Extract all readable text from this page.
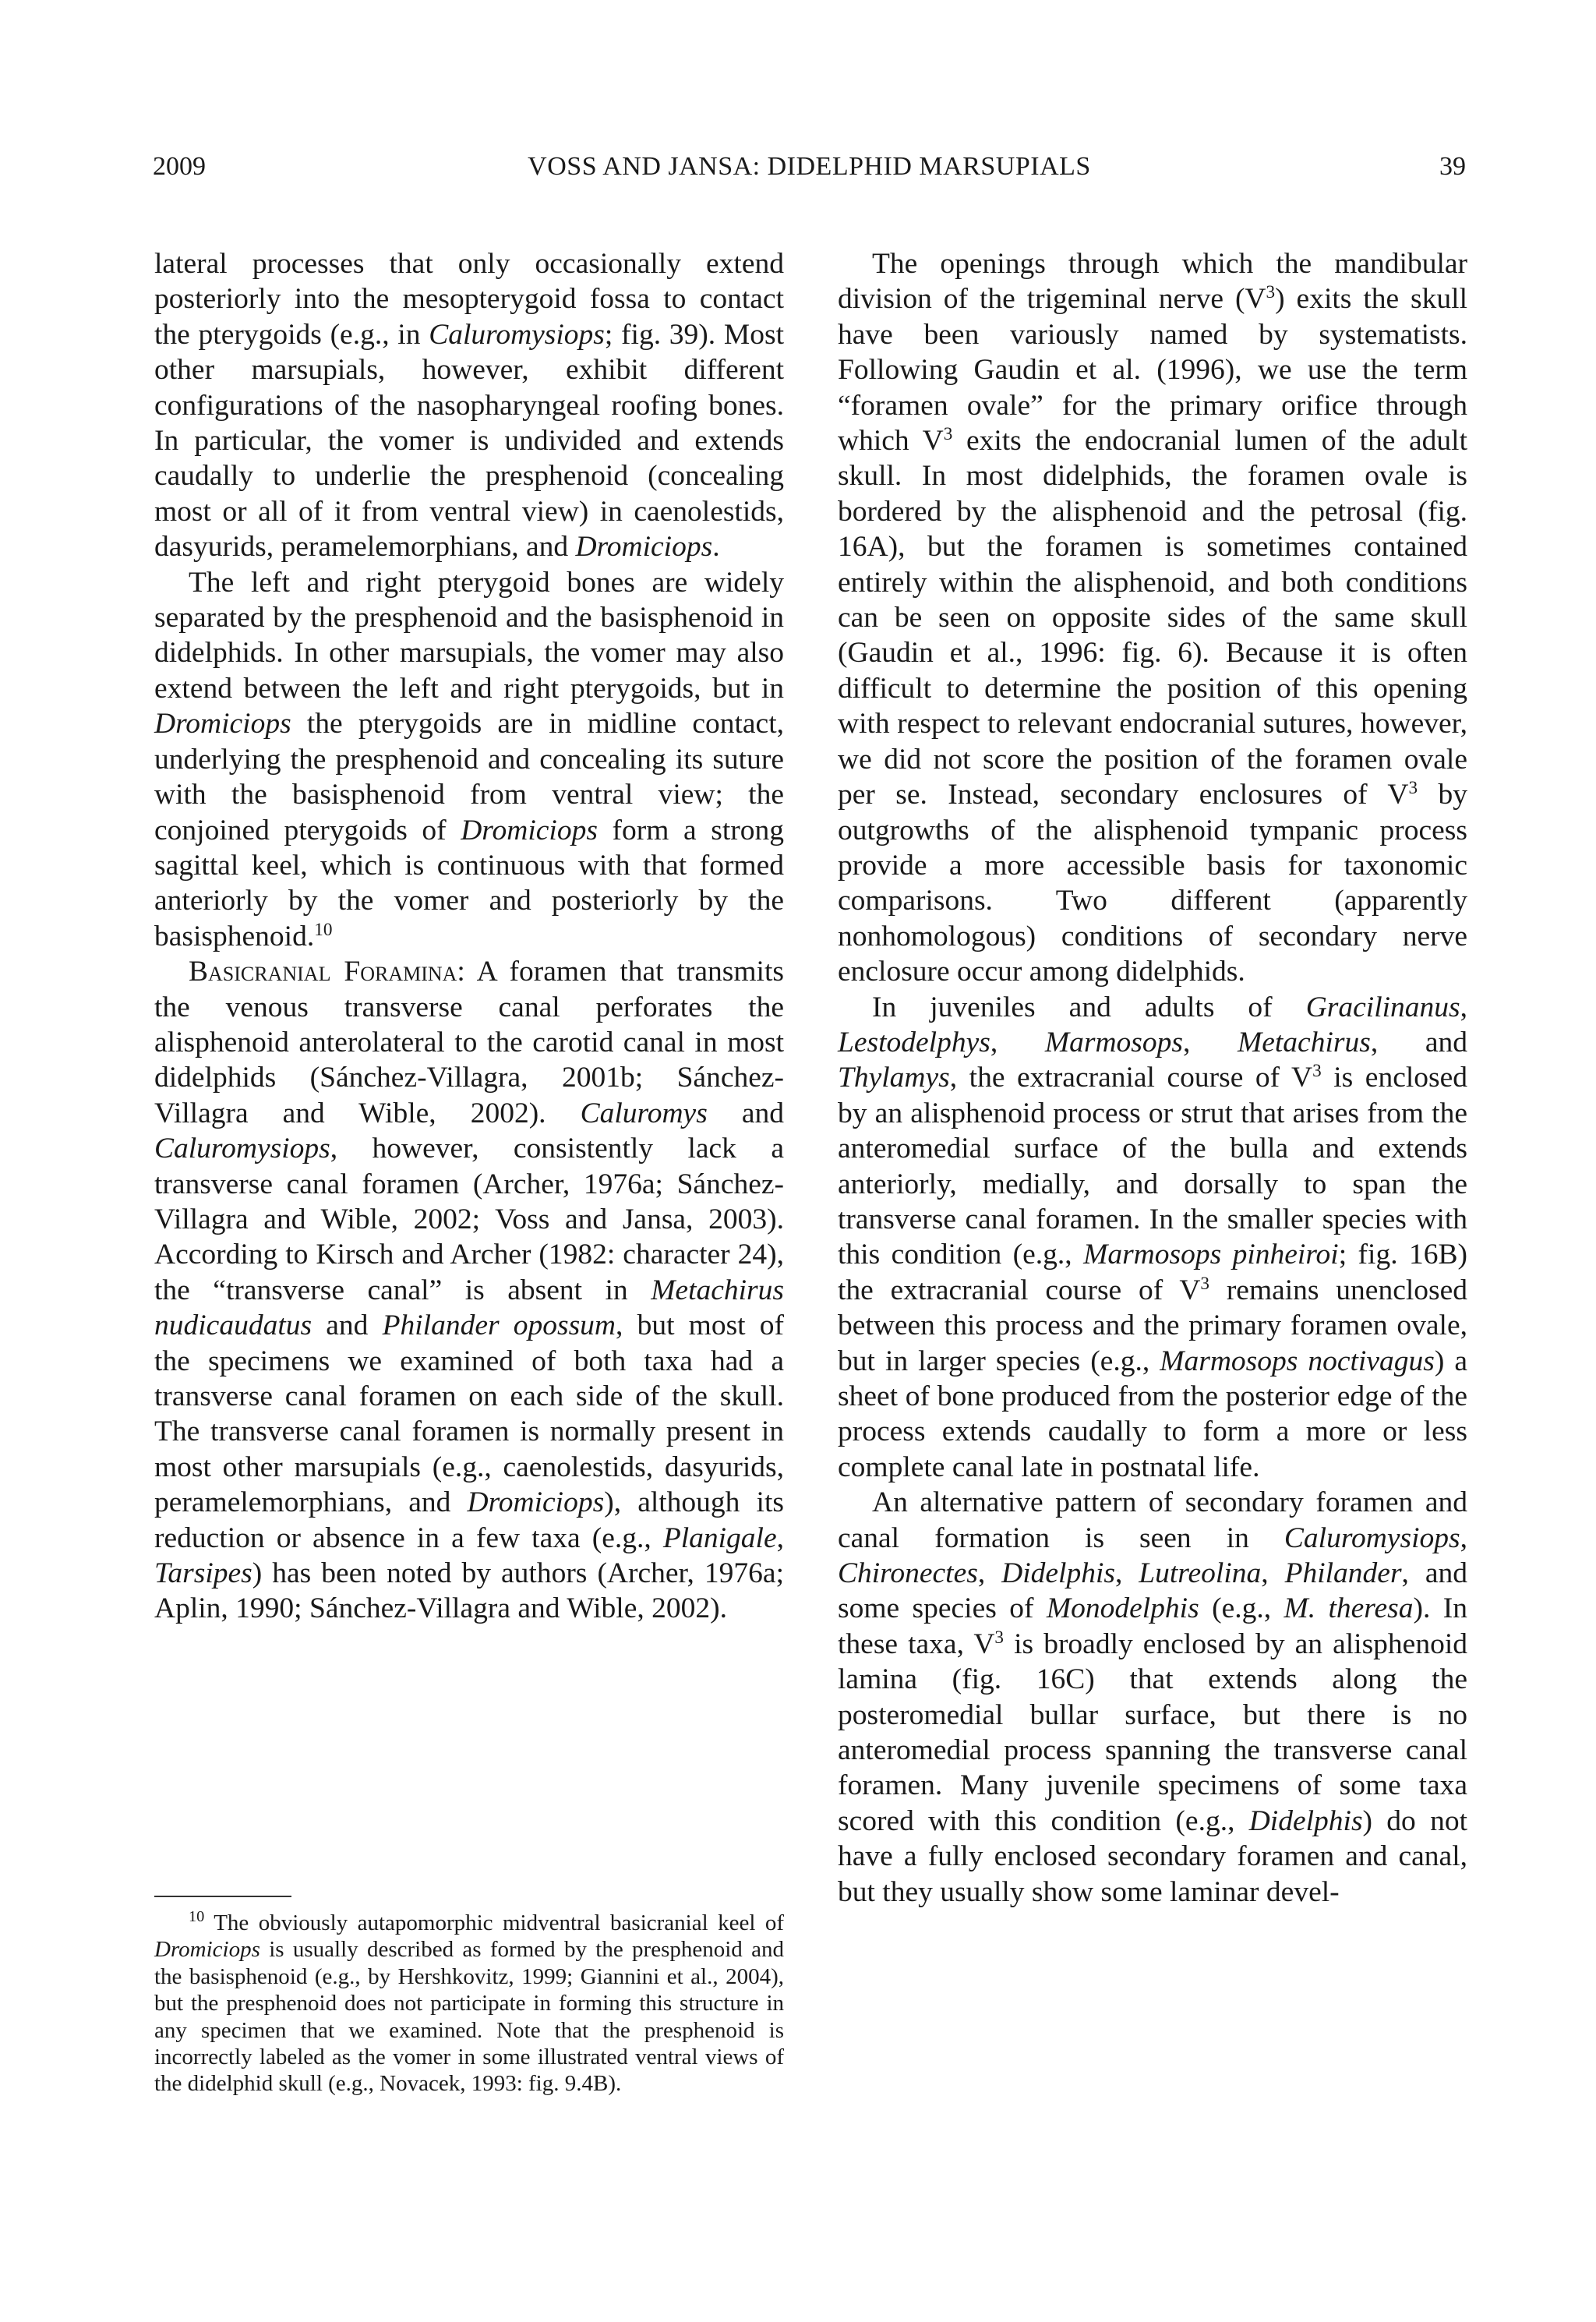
2009	VOSS AND JANSA: DIDELPHID MARSUPIALS	39

lateral processes that only occasionally extend posteriorly into the mesopterygoid fossa to contact the pterygoids (e.g., in Caluromysiops; fig. 39). Most other marsupials, however, exhibit different configurations of the nasopharyngeal roofing bones. In particular, the vomer is undivided and extends caudally to underlie the presphenoid (concealing most or all of it from ventral view) in caenolestids, dasyurids, peramelemorphians, and Dromiciops.

The left and right pterygoid bones are widely separated by the presphenoid and the basisphenoid in didelphids. In other marsupials, the vomer may also extend between the left and right pterygoids, but in Dromiciops the pterygoids are in midline contact, underlying the presphenoid and concealing its suture with the basisphenoid from ventral view; the conjoined pterygoids of Dromiciops form a strong sagittal keel, which is continuous with that formed anteriorly by the vomer and posteriorly by the basisphenoid.$^{10}$

Basicranial Foramina: A foramen that transmits the venous transverse canal perforates the alisphenoid anterolateral to the carotid canal in most didelphids (Sánchez-Villagra, 2001b; Sánchez-Villagra and Wible, 2002). Caluromys and Caluromysiops, however, consistently lack a transverse canal foramen (Archer, 1976a; Sánchez-Villagra and Wible, 2002; Voss and Jansa, 2003). According to Kirsch and Archer (1982: character 24), the “transverse canal” is absent in Metachirus nudicaudatus and Philander opossum, but most of the specimens we examined of both taxa had a transverse canal foramen on each side of the skull. The transverse canal foramen is normally present in most other marsupials (e.g., caenolestids, dasyurids, peramelemorphians, and Dromiciops), although its reduction or absence in a few taxa (e.g., Planigale, Tarsipes) has been noted by authors (Archer, 1976a; Aplin, 1990; Sánchez-Villagra and Wible, 2002).

$^{10}$ The obviously autapomorphic midventral basicranial keel of Dromiciops is usually described as formed by the presphenoid and the basisphenoid (e.g., by Hershkovitz, 1999; Giannini et al., 2004), but the presphenoid does not participate in forming this structure in any specimen that we examined. Note that the presphenoid is incorrectly labeled as the vomer in some illustrated ventral views of the didelphid skull (e.g., Novacek, 1993: fig. 9.4B).

The openings through which the mandibular division of the trigeminal nerve $(V^3)$ exits the skull have been variously named by systematists. Following Gaudin et al. (1996), we use the term “foramen ovale” for the primary orifice through which $V^3$ exits the endocranial lumen of the adult skull. In most didelphids, the foramen ovale is bordered by the alisphenoid and the petrosal (fig. 16A), but the foramen is sometimes contained entirely within the alisphenoid, and both conditions can be seen on opposite sides of the same skull (Gaudin et al., 1996: fig. 6). Because it is often difficult to determine the position of this opening with respect to relevant endocranial sutures, however, we did not score the position of the foramen ovale per se. Instead, secondary enclosures of $V^3$ by outgrowths of the alisphenoid tympanic process provide a more accessible basis for taxonomic comparisons. Two different (apparently nonhomologous) conditions of secondary nerve enclosure occur among didelphids.

In juveniles and adults of Gracilinanus, Lestodelphys, Marmosops, Metachirus, and Thylamys, the extracranial course of $V^3$ is enclosed by an alisphenoid process or strut that arises from the anteromedial surface of the bulla and extends anteriorly, medially, and dorsally to span the transverse canal foramen. In the smaller species with this condition (e.g., Marmosops pinheiroi; fig. 16B) the extracranial course of $V^3$ remains unenclosed between this process and the primary foramen ovale, but in larger species (e.g., Marmosops noctivagus) a sheet of bone produced from the posterior edge of the process extends caudally to form a more or less complete canal late in postnatal life.

An alternative pattern of secondary foramen and canal formation is seen in Caluromysiops, Chironectes, Didelphis, Lutreolina, Philander, and some species of Monodelphis (e.g., M. theresa). In these taxa, $V^3$ is broadly enclosed by an alisphenoid lamina (fig. 16C) that extends along the posteromedial bullar surface, but there is no anteromedial process spanning the transverse canal foramen. Many juvenile specimens of some taxa scored with this condition (e.g., Didelphis) do not have a fully enclosed secondary foramen and canal, but they usually show some laminar devel-
